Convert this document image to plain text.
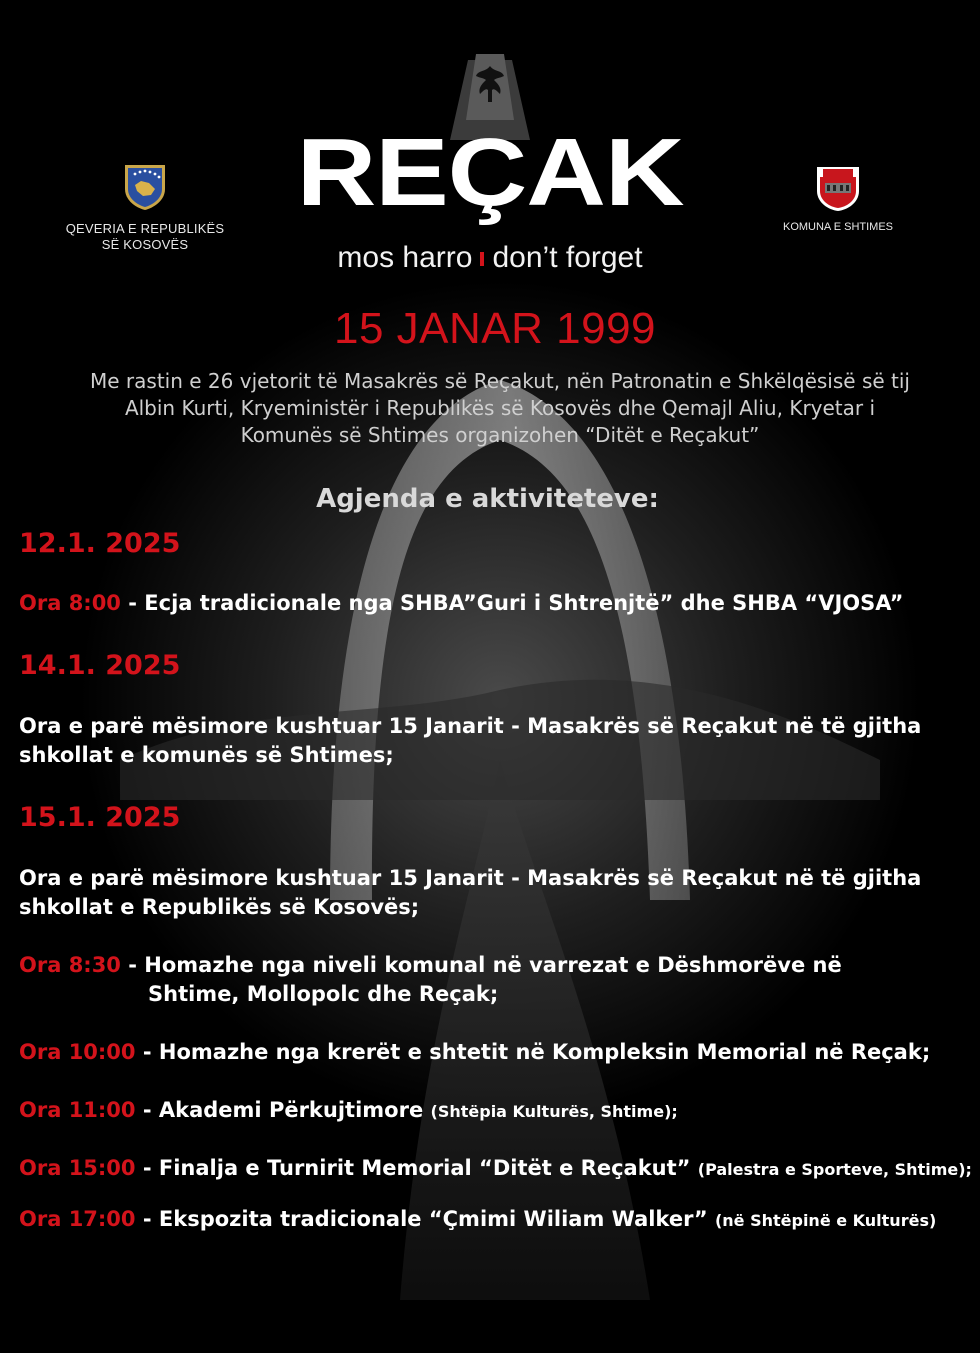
QEVERIA E REPUBLIKËS
SË KOSOVËS
REÇAK
mos harro don’t forget
KOMUNA E SHTIMES
15 JANAR 1999
Me rastin e 26 vjetorit të Masakrës së Reçakut, nën Patronatin e Shkëlqësisë së tij
Albin Kurti, Kryeministër i Republikës së Kosovës dhe Qemajl Aliu, Kryetar i
Komunës së Shtimes organizohen “Ditët e Reçakut”
Agjenda e aktiviteteve:
12.1. 2025
Ora 8:00 - Ecja tradicionale nga SHBA”Guri i Shtrenjtë” dhe SHBA “VJOSA”
14.1. 2025
Ora e parë mësimore kushtuar 15 Janarit - Masakrës së Reçakut në të gjitha
shkollat e komunës së Shtimes;
15.1. 2025
Ora e parë mësimore kushtuar 15 Janarit - Masakrës së Reçakut në të gjitha
shkollat e Republikës së Kosovës;
Ora 8:30 - Homazhe nga niveli komunal në varrezat e Dëshmorëve në
Shtime, Mollopolc dhe Reçak;
Ora 10:00 - Homazhe nga krerët e shtetit në Kompleksin Memorial në Reçak;
Ora 11:00 - Akademi Përkujtimore (Shtëpia Kulturës, Shtime);
Ora 15:00 - Finalja e Turnirit Memorial “Ditët e Reçakut” (Palestra e Sporteve, Shtime);
Ora 17:00 - Ekspozita tradicionale “Çmimi Wiliam Walker” (në Shtëpinë e Kulturës)
